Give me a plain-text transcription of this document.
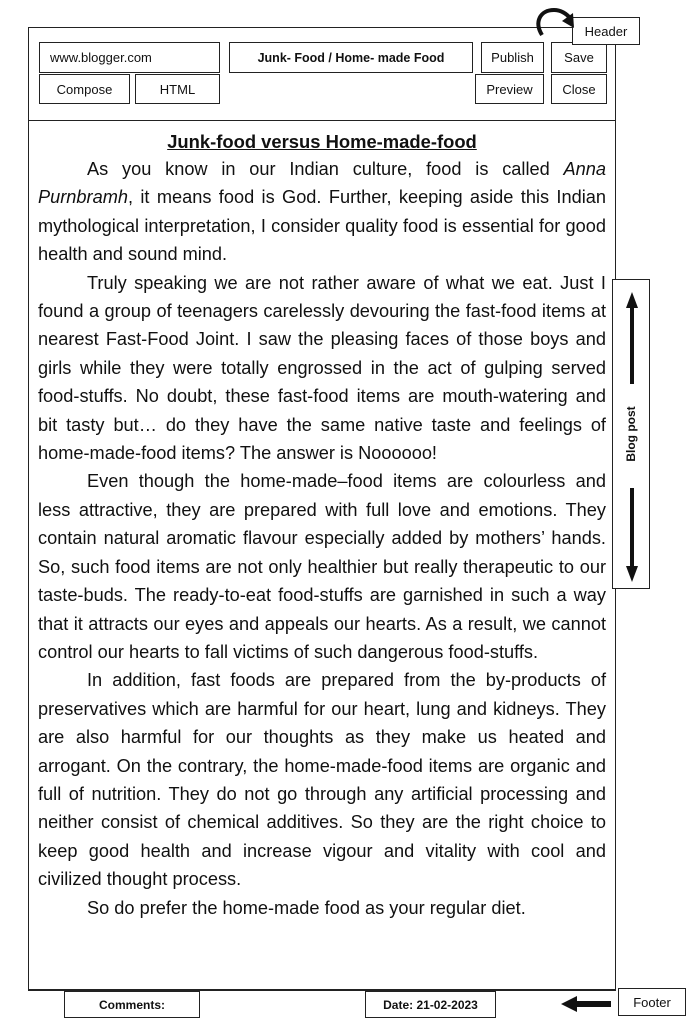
www.blogger.com	Junk- Food / Home- made Food	Publish Save
Compose	HTML	Preview Close
Header
Blog post

Junk-food versus Home-made-food

As you know in our Indian culture, food is called Anna Purnbramh, it means food is God. Further, keeping aside this Indian mythological interpretation, I consider quality food is essential for good health and sound mind.

Truly speaking we are not rather aware of what we eat. Just I found a group of teenagers carelessly devouring the fast-food items at nearest Fast-Food Joint. I saw the pleasing faces of those boys and girls while they were totally engrossed in the act of gulping served food-stuffs. No doubt, these fast-food items are mouth-watering and bit tasty but… do they have the same native taste and feelings of home-made-food items? The answer is Noooooo!

Even though the home-made–food items are colourless and less attractive, they are prepared with full love and emotions. They contain natural aromatic flavour especially added by mothers’ hands. So, such food items are not only healthier but really therapeutic to our taste-buds. The ready-to-eat food-stuffs are garnished in such a way that it attracts our eyes and appeals our hearts. As a result, we cannot control our hearts to fall victims of such dangerous food-stuffs.

In addition, fast foods are prepared from the by-products of preservatives which are harmful for our heart, lung and kidneys. They are also harmful for our thoughts as they make us heated and arrogant. On the contrary, the home-made-food items are organic and full of nutrition. They do not go through any artificial processing and neither consist of chemical additives. So they are the right choice to keep good health and increase vigour and vitality with cool and civilized thought process.

So do prefer the home-made food as your regular diet.

Comments:	Date: 21-02-2023	Footer
